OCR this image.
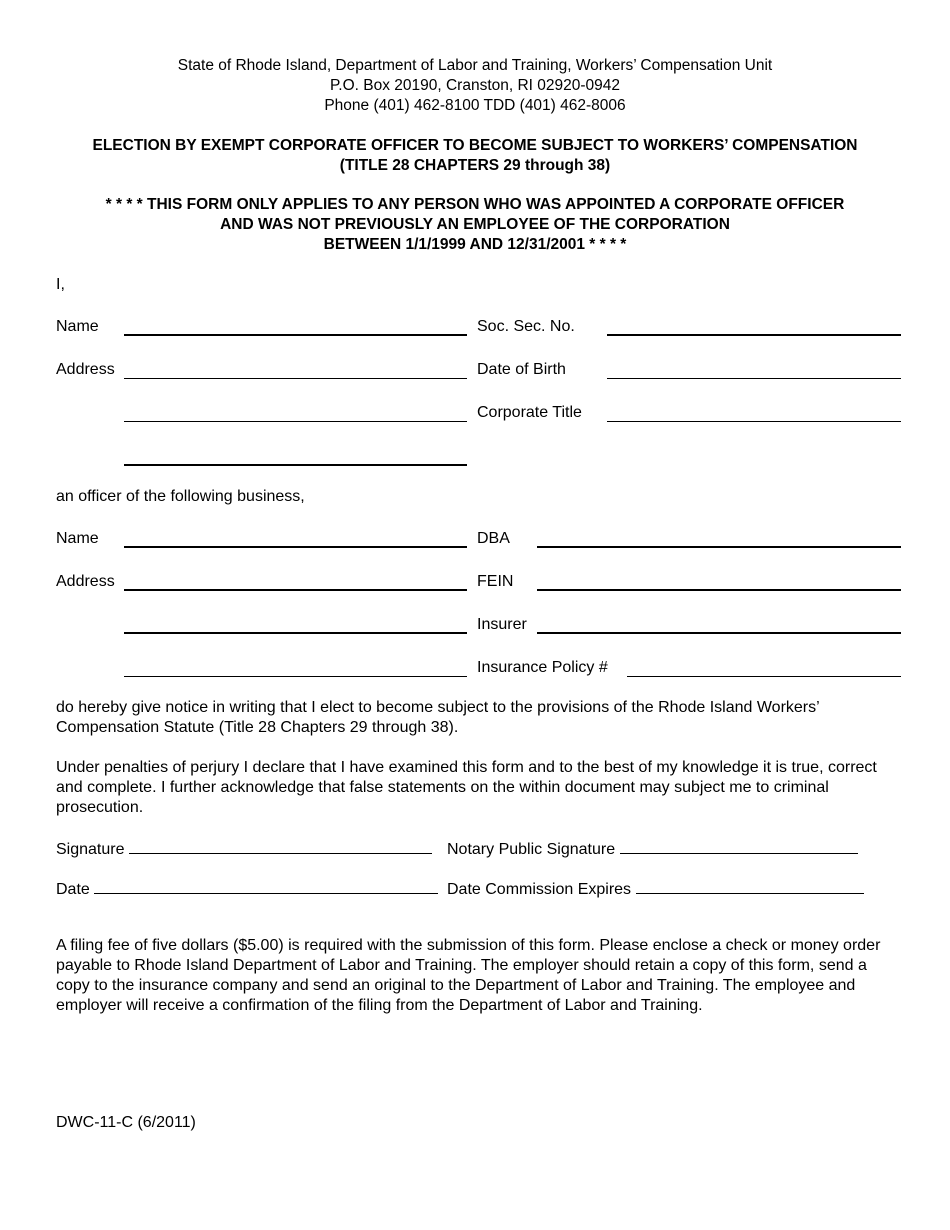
State of Rhode Island, Department of Labor and Training, Workers’ Compensation Unit
P.O. Box 20190, Cranston, RI 02920-0942
Phone (401) 462-8100 TDD (401) 462-8006
ELECTION BY EXEMPT CORPORATE OFFICER TO BECOME SUBJECT TO WORKERS’ COMPENSATION
(TITLE 28 CHAPTERS 29 through 38)
* * * * THIS FORM ONLY APPLIES TO ANY PERSON WHO WAS APPOINTED A CORPORATE OFFICER
AND WAS NOT PREVIOUSLY AN EMPLOYEE OF THE CORPORATION
BETWEEN 1/1/1999 AND 12/31/2001 * * * *
I,
Name	Soc. Sec. No.
Address	Date of Birth
Corporate Title
an officer of the following business,
Name	DBA
Address	FEIN
Insurer
Insurance Policy #
do hereby give notice in writing that I elect to become subject to the provisions of the Rhode Island Workers’ Compensation Statute (Title 28 Chapters 29 through 38).
Under penalties of perjury I declare that I have examined this form and to the best of my knowledge it is true, correct and complete. I further acknowledge that false statements on the within document may subject me to criminal prosecution.
Signature	Notary Public Signature
Date	Date Commission Expires
A filing fee of five dollars ($5.00) is required with the submission of this form. Please enclose a check or money order payable to Rhode Island Department of Labor and Training. The employer should retain a copy of this form, send a copy to the insurance company and send an original to the Department of Labor and Training. The employee and employer will receive a confirmation of the filing from the Department of Labor and Training.
DWC-11-C (6/2011)
